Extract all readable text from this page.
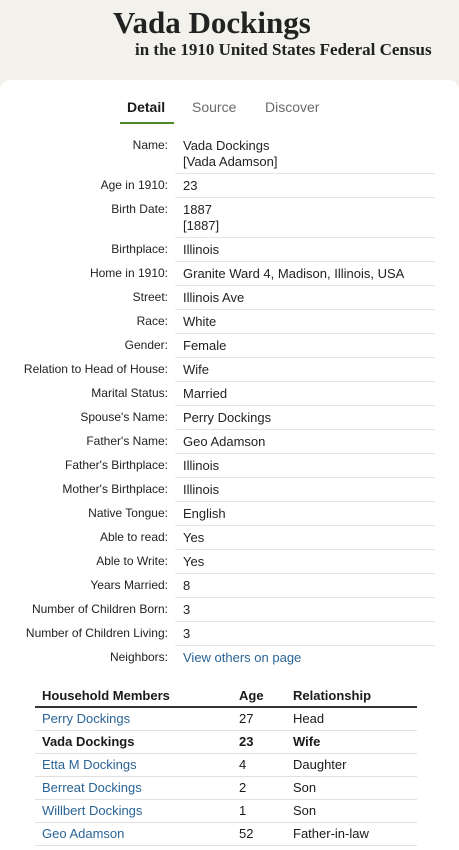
Vada Dockings
in the 1910 United States Federal Census
Detail Source Discover
Name: Vada Dockings
[Vada Adamson]
Age in 1910: 23
Birth Date: 1887
[1887]
Birthplace: Illinois
Home in 1910: Granite Ward 4, Madison, Illinois, USA
Street: Illinois Ave
Race: White
Gender: Female
Relation to Head of House: Wife
Marital Status: Married
Spouse's Name: Perry Dockings
Father's Name: Geo Adamson
Father's Birthplace: Illinois
Mother's Birthplace: Illinois
Native Tongue: English
Able to read: Yes
Able to Write: Yes
Years Married: 8
Number of Children Born: 3
Number of Children Living: 3
Neighbors:	View others on page
Household Members	Age	Relationship
Perry Dockings	27	Head
Vada Dockings	23	Wife
Etta M Dockings	4	Daughter
Berreat Dockings	2	Son
Willbert Dockings	1	Son
Geo Adamson	52	Father-in-law
